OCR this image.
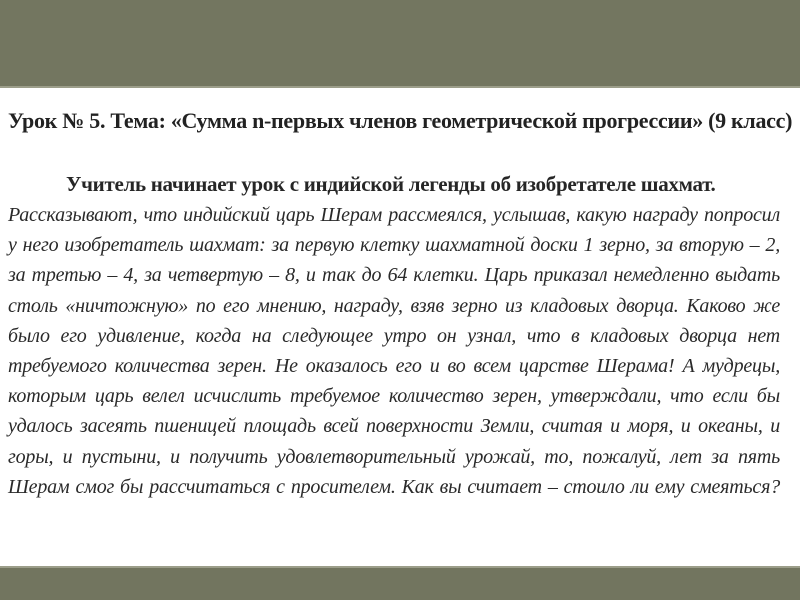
Урок № 5. Тема: «Сумма n-первых членов геометрической прогрессии» (9 класс)
Учитель начинает урок с индийской легенды об изобретателе шахмат.
Рассказывают, что индийский царь Шерам рассмеялся, услышав, какую награду попросил
у него изобретатель шахмат: за первую клетку шахматной доски 1 зерно, за вторую – 2,
за третью – 4, за четвертую – 8, и так до 64 клетки. Царь приказал немедленно выдать
столь «ничтожную» по его мнению, награду, взяв зерно из кладовых дворца. Каково же
было его удивление, когда на следующее утро он узнал, что в кладовых дворца нет
требуемого количества зерен. Не оказалось его и во всем царстве Шерама! А мудрецы,
которым царь велел исчислить требуемое количество зерен, утверждали, что если бы
удалось засеять пшеницей площадь всей поверхности Земли, считая и моря, и океаны, и
горы, и пустыни, и получить удовлетворительный урожай, то, пожалуй, лет за пять
Шерам смог бы рассчитаться с просителем. Как вы считает – стоило ли ему смеяться?
